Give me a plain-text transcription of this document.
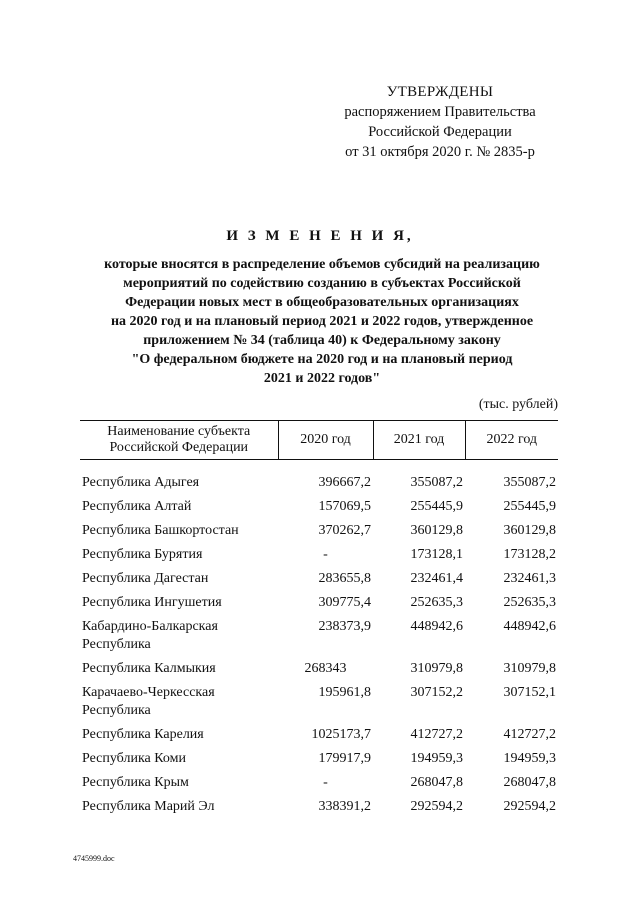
УТВЕРЖДЕНЫ
распоряжением Правительства
Российской Федерации
от 31 октября 2020 г. № 2835-р
И З М Е Н Е Н И Я,
которые вносятся в распределение объемов субсидий на реализацию
мероприятий по содействию созданию в субъектах Российской
Федерации новых мест в общеобразовательных организациях
на 2020 год и на плановый период 2021 и 2022 годов, утвержденное
приложением № 34 (таблица 40) к Федеральному закону
"О федеральном бюджете на 2020 год и на плановый период
2021 и 2022 годов"
(тыс. рублей)
Наименование субъекта Российской Федерации	2020 год	2021 год	2022 год

Республика Адыгея	396667,2	355087,2	355087,2
Республика Алтай	157069,5	255445,9	255445,9
Республика Башкортостан	370262,7	360129,8	360129,8
Республика Бурятия	-	173128,1	173128,2
Республика Дагестан	283655,8	232461,4	232461,3
Республика Ингушетия	309775,4	252635,3	252635,3
Кабардино-Балкарская Республика	238373,9	448942,6	448942,6
Республика Калмыкия	268343	310979,8	310979,8
Карачаево-Черкесская Республика	195961,8	307152,2	307152,1
Республика Карелия	1025173,7	412727,2	412727,2
Республика Коми	179917,9	194959,3	194959,3
Республика Крым	-	268047,8	268047,8
Республика Марий Эл	338391,2	292594,2	292594,2
4745999.doc
